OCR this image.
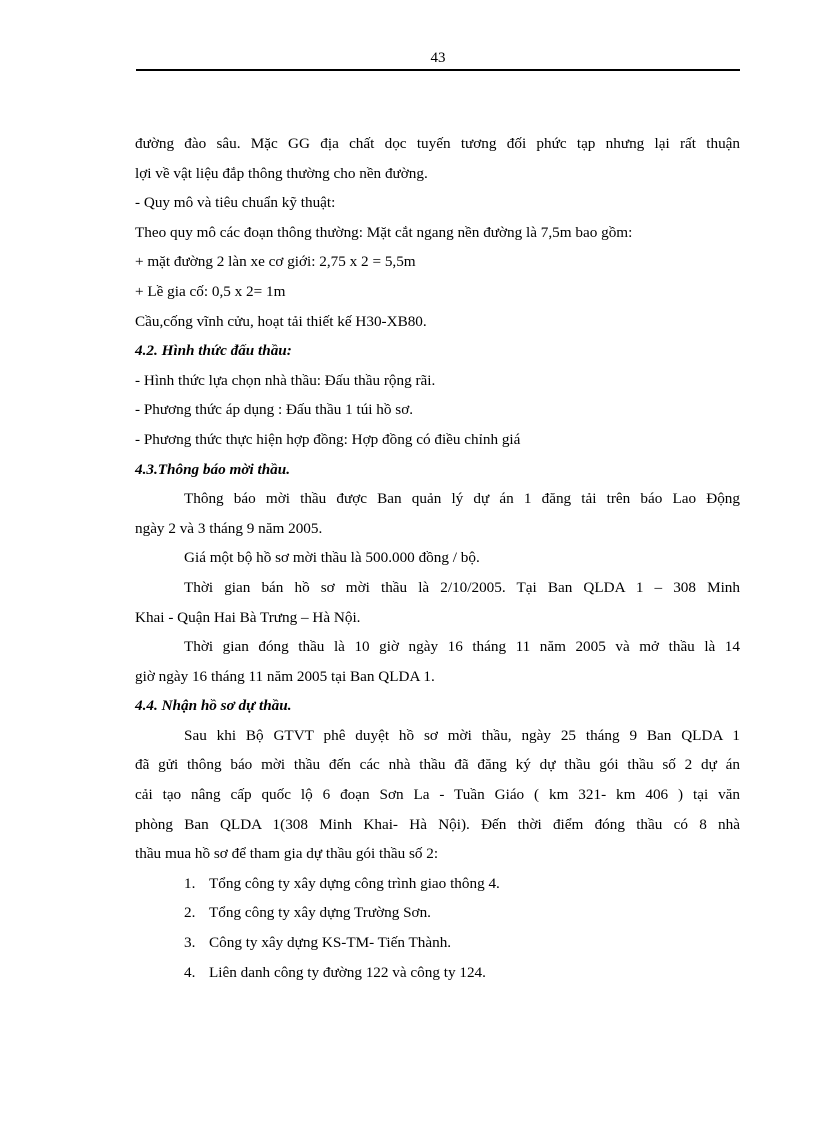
43
đường đào sâu. Mặc GG địa chất dọc tuyến tương đối phức tạp nhưng lại rất thuận
lợi về vật liệu đắp thông thường cho nền đường.
- Quy mô và tiêu chuẩn kỹ thuật:
Theo quy mô các đoạn thông thường: Mặt cắt ngang nền đường là 7,5m bao gồm:
+ mặt đường 2 làn xe cơ giới: 2,75 x 2 = 5,5m
+ Lề gia cố: 0,5 x 2= 1m
Cầu,cống vĩnh cửu, hoạt tải thiết kế H30-XB80.
4.2. Hình thức đấu thầu:
- Hình thức lựa chọn nhà thầu: Đấu thầu rộng rãi.
- Phương thức áp dụng : Đấu thầu 1 túi hồ sơ.
- Phương thức thực hiện hợp đồng: Hợp đồng có điều chỉnh giá
4.3.Thông báo mời thầu.
Thông báo mời thầu được Ban quản lý dự án 1 đăng tải trên báo Lao Động
ngày 2 và 3 tháng 9 năm 2005.
Giá một bộ hồ sơ mời thầu là 500.000 đồng / bộ.
Thời gian bán hồ sơ mời thầu là 2/10/2005. Tại Ban QLDA 1 – 308 Minh
Khai - Quận Hai Bà Trưng – Hà Nội.
Thời gian đóng thầu là 10 giờ ngày 16 tháng 11 năm 2005 và mở thầu là 14
giờ ngày 16 tháng 11 năm 2005 tại Ban QLDA 1.
4.4. Nhận hồ sơ dự thầu.
Sau khi Bộ GTVT phê duyệt hồ sơ mời thầu, ngày 25 tháng 9 Ban QLDA 1
đã gửi thông báo mời thầu đến các nhà thầu đã đăng ký dự thầu gói thầu số 2 dự án
cải tạo nâng cấp quốc lộ 6 đoạn Sơn La - Tuần Giáo ( km 321- km 406 ) tại văn
phòng Ban QLDA 1(308 Minh Khai- Hà Nội). Đến thời điểm đóng thầu có 8 nhà
thầu mua hồ sơ để tham gia dự thầu gói thầu số 2:
1. Tổng công ty xây dựng công trình giao thông 4.
2. Tổng công ty xây dựng Trường Sơn.
3. Công ty xây dựng KS-TM- Tiến Thành.
4. Liên danh công ty đường 122 và công ty 124.
